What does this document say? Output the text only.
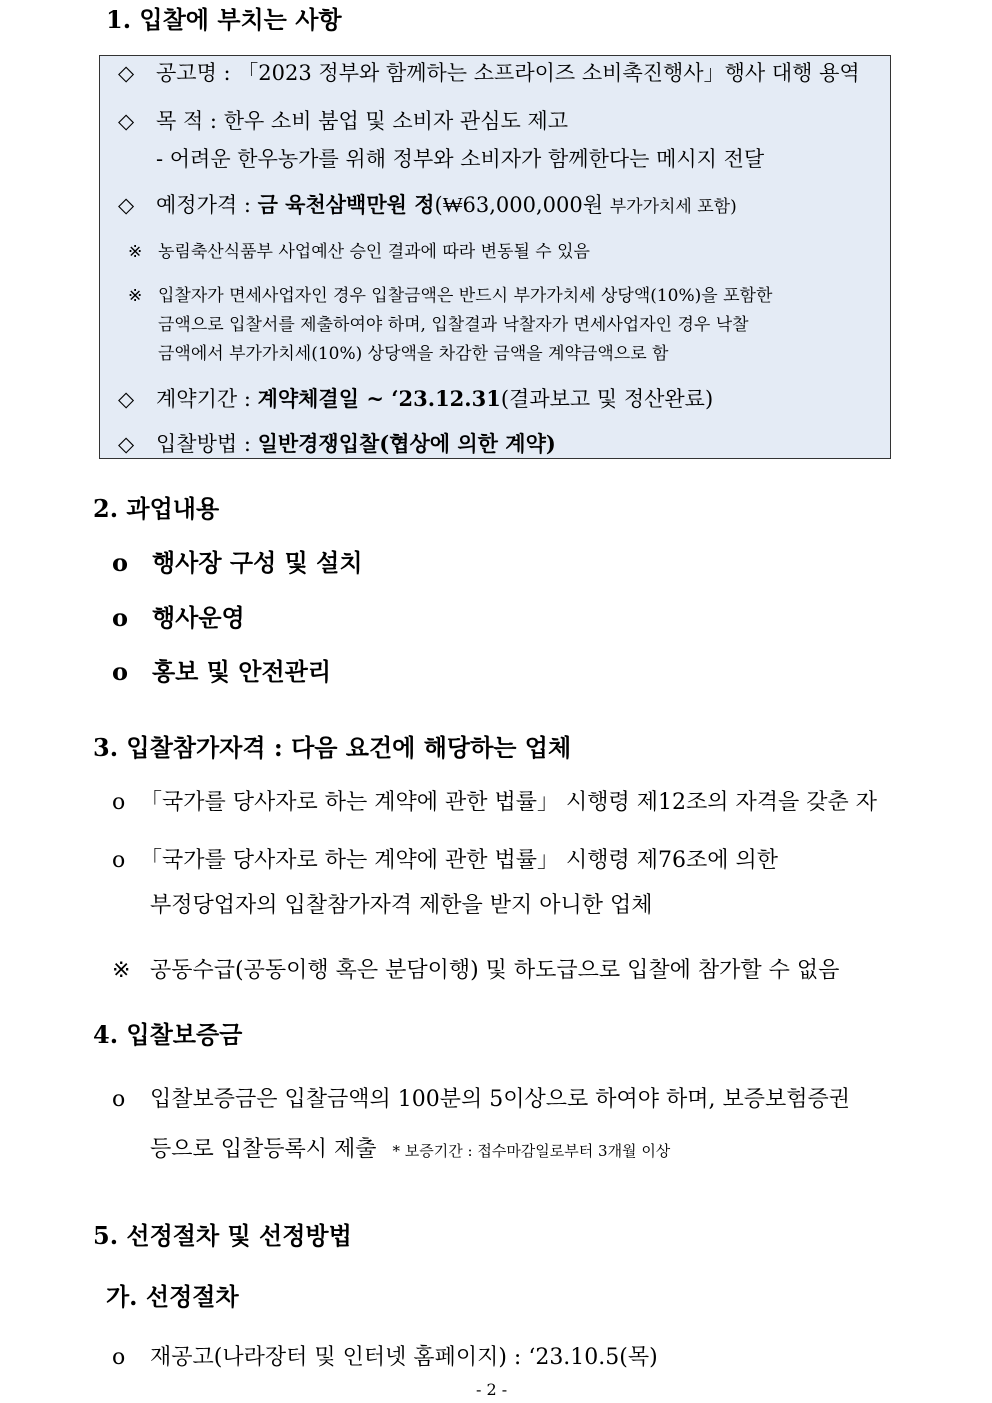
1. 입찰에 부치는 사항
◇ 공고명 : 「2023 정부와 함께하는 소프라이즈 소비촉진행사」행사 대행 용역
◇ 목 적 : 한우 소비 붐업 및 소비자 관심도 제고
- 어려운 한우농가를 위해 정부와 소비자가 함께한다는 메시지 전달
◇ 예정가격 : 금 육천삼백만원 정(₩63,000,000원 부가가치세 포함)
※ 농림축산식품부 사업예산 승인 결과에 따라 변동될 수 있음
※ 입찰자가 면세사업자인 경우 입찰금액은 반드시 부가가치세 상당액(10%)을 포함한
금액으로 입찰서를 제출하여야 하며, 입찰결과 낙찰자가 면세사업자인 경우 낙찰
금액에서 부가가치세(10%) 상당액을 차감한 금액을 계약금액으로 함
◇ 계약기간 : 계약체결일 ~ ‘23.12.31(결과보고 및 정산완료)
◇ 입찰방법 : 일반경쟁입찰(협상에 의한 계약)
2. 과업내용
o 행사장 구성 및 설치
o 행사운영
o 홍보 및 안전관리
3. 입찰참가자격 : 다음 요건에 해당하는 업체
o 「국가를 당사자로 하는 계약에 관한 법률」 시행령 제12조의 자격을 갖춘 자
o 「국가를 당사자로 하는 계약에 관한 법률」 시행령 제76조에 의한
부정당업자의 입찰참가자격 제한을 받지 아니한 업체
※ 공동수급(공동이행 혹은 분담이행) 및 하도급으로 입찰에 참가할 수 없음
4. 입찰보증금
o 입찰보증금은 입찰금액의 100분의 5이상으로 하여야 하며, 보증보험증권
등으로 입찰등록시 제출 * 보증기간 : 접수마감일로부터 3개월 이상
5. 선정절차 및 선정방법
가. 선정절차
o 재공고(나라장터 및 인터넷 홈페이지) : ‘23.10.5(목)
- 2 -
